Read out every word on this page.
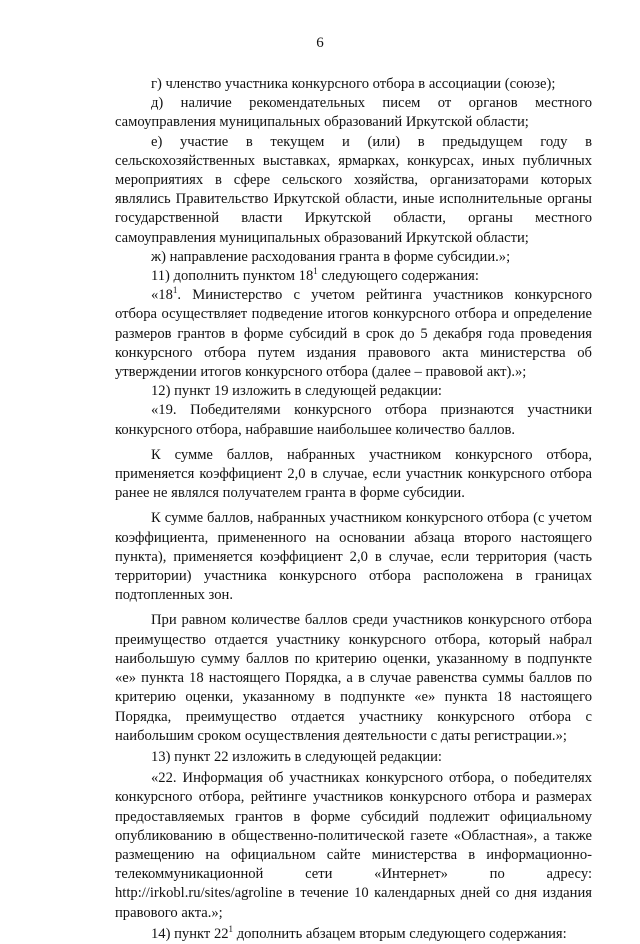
6

г) членство участника конкурсного отбора в ассоциации (союзе);

д) наличие рекомендательных писем от органов местного самоуправления муниципальных образований Иркутской области;

е) участие в текущем и (или) в предыдущем году в сельскохозяйственных выставках, ярмарках, конкурсах, иных публичных мероприятиях в сфере сельского хозяйства, организаторами которых являлись Правительство Иркутской области, иные исполнительные органы государственной власти Иркутской области, органы местного самоуправления муниципальных образований Иркутской области;

ж) направление расходования гранта в форме субсидии.»;

11) дополнить пунктом $18^1$ следующего содержания:

«$18^1$. Министерство с учетом рейтинга участников конкурсного отбора осуществляет подведение итогов конкурсного отбора и определение размеров грантов в форме субсидий в срок до 5 декабря года проведения конкурсного отбора путем издания правового акта министерства об утверждении итогов конкурсного отбора (далее – правовой акт).»;

12) пункт 19 изложить в следующей редакции:

«19. Победителями конкурсного отбора признаются участники конкурсного отбора, набравшие наибольшее количество баллов.

К сумме баллов, набранных участником конкурсного отбора, применяется коэффициент 2,0 в случае, если участник конкурсного отбора ранее не являлся получателем гранта в форме субсидии.

К сумме баллов, набранных участником конкурсного отбора (с учетом коэффициента, примененного на основании абзаца второго настоящего пункта), применяется коэффициент 2,0 в случае, если территория (часть территории) участника конкурсного отбора расположена в границах подтопленных зон.

При равном количестве баллов среди участников конкурсного отбора преимущество отдается участнику конкурсного отбора, который набрал наибольшую сумму баллов по критерию оценки, указанному в подпункте «е» пункта 18 настоящего Порядка, а в случае равенства суммы баллов по критерию оценки, указанному в подпункте «е» пункта 18 настоящего Порядка, преимущество отдается участнику конкурсного отбора с наибольшим сроком осуществления деятельности с даты регистрации.»;

13) пункт 22 изложить в следующей редакции:

«22. Информация об участниках конкурсного отбора, о победителях конкурсного отбора, рейтинге участников конкурсного отбора и размерах предоставляемых грантов в форме субсидий подлежит официальному опубликованию в общественно-политической газете «Областная», а также размещению на официальном сайте министерства в информационно-телекоммуникационной сети «Интернет» по адресу: http://irkobl.ru/sites/agroline в течение 10 календарных дней со дня издания правового акта.»;

14) пункт $22^1$ дополнить абзацем вторым следующего содержания:
